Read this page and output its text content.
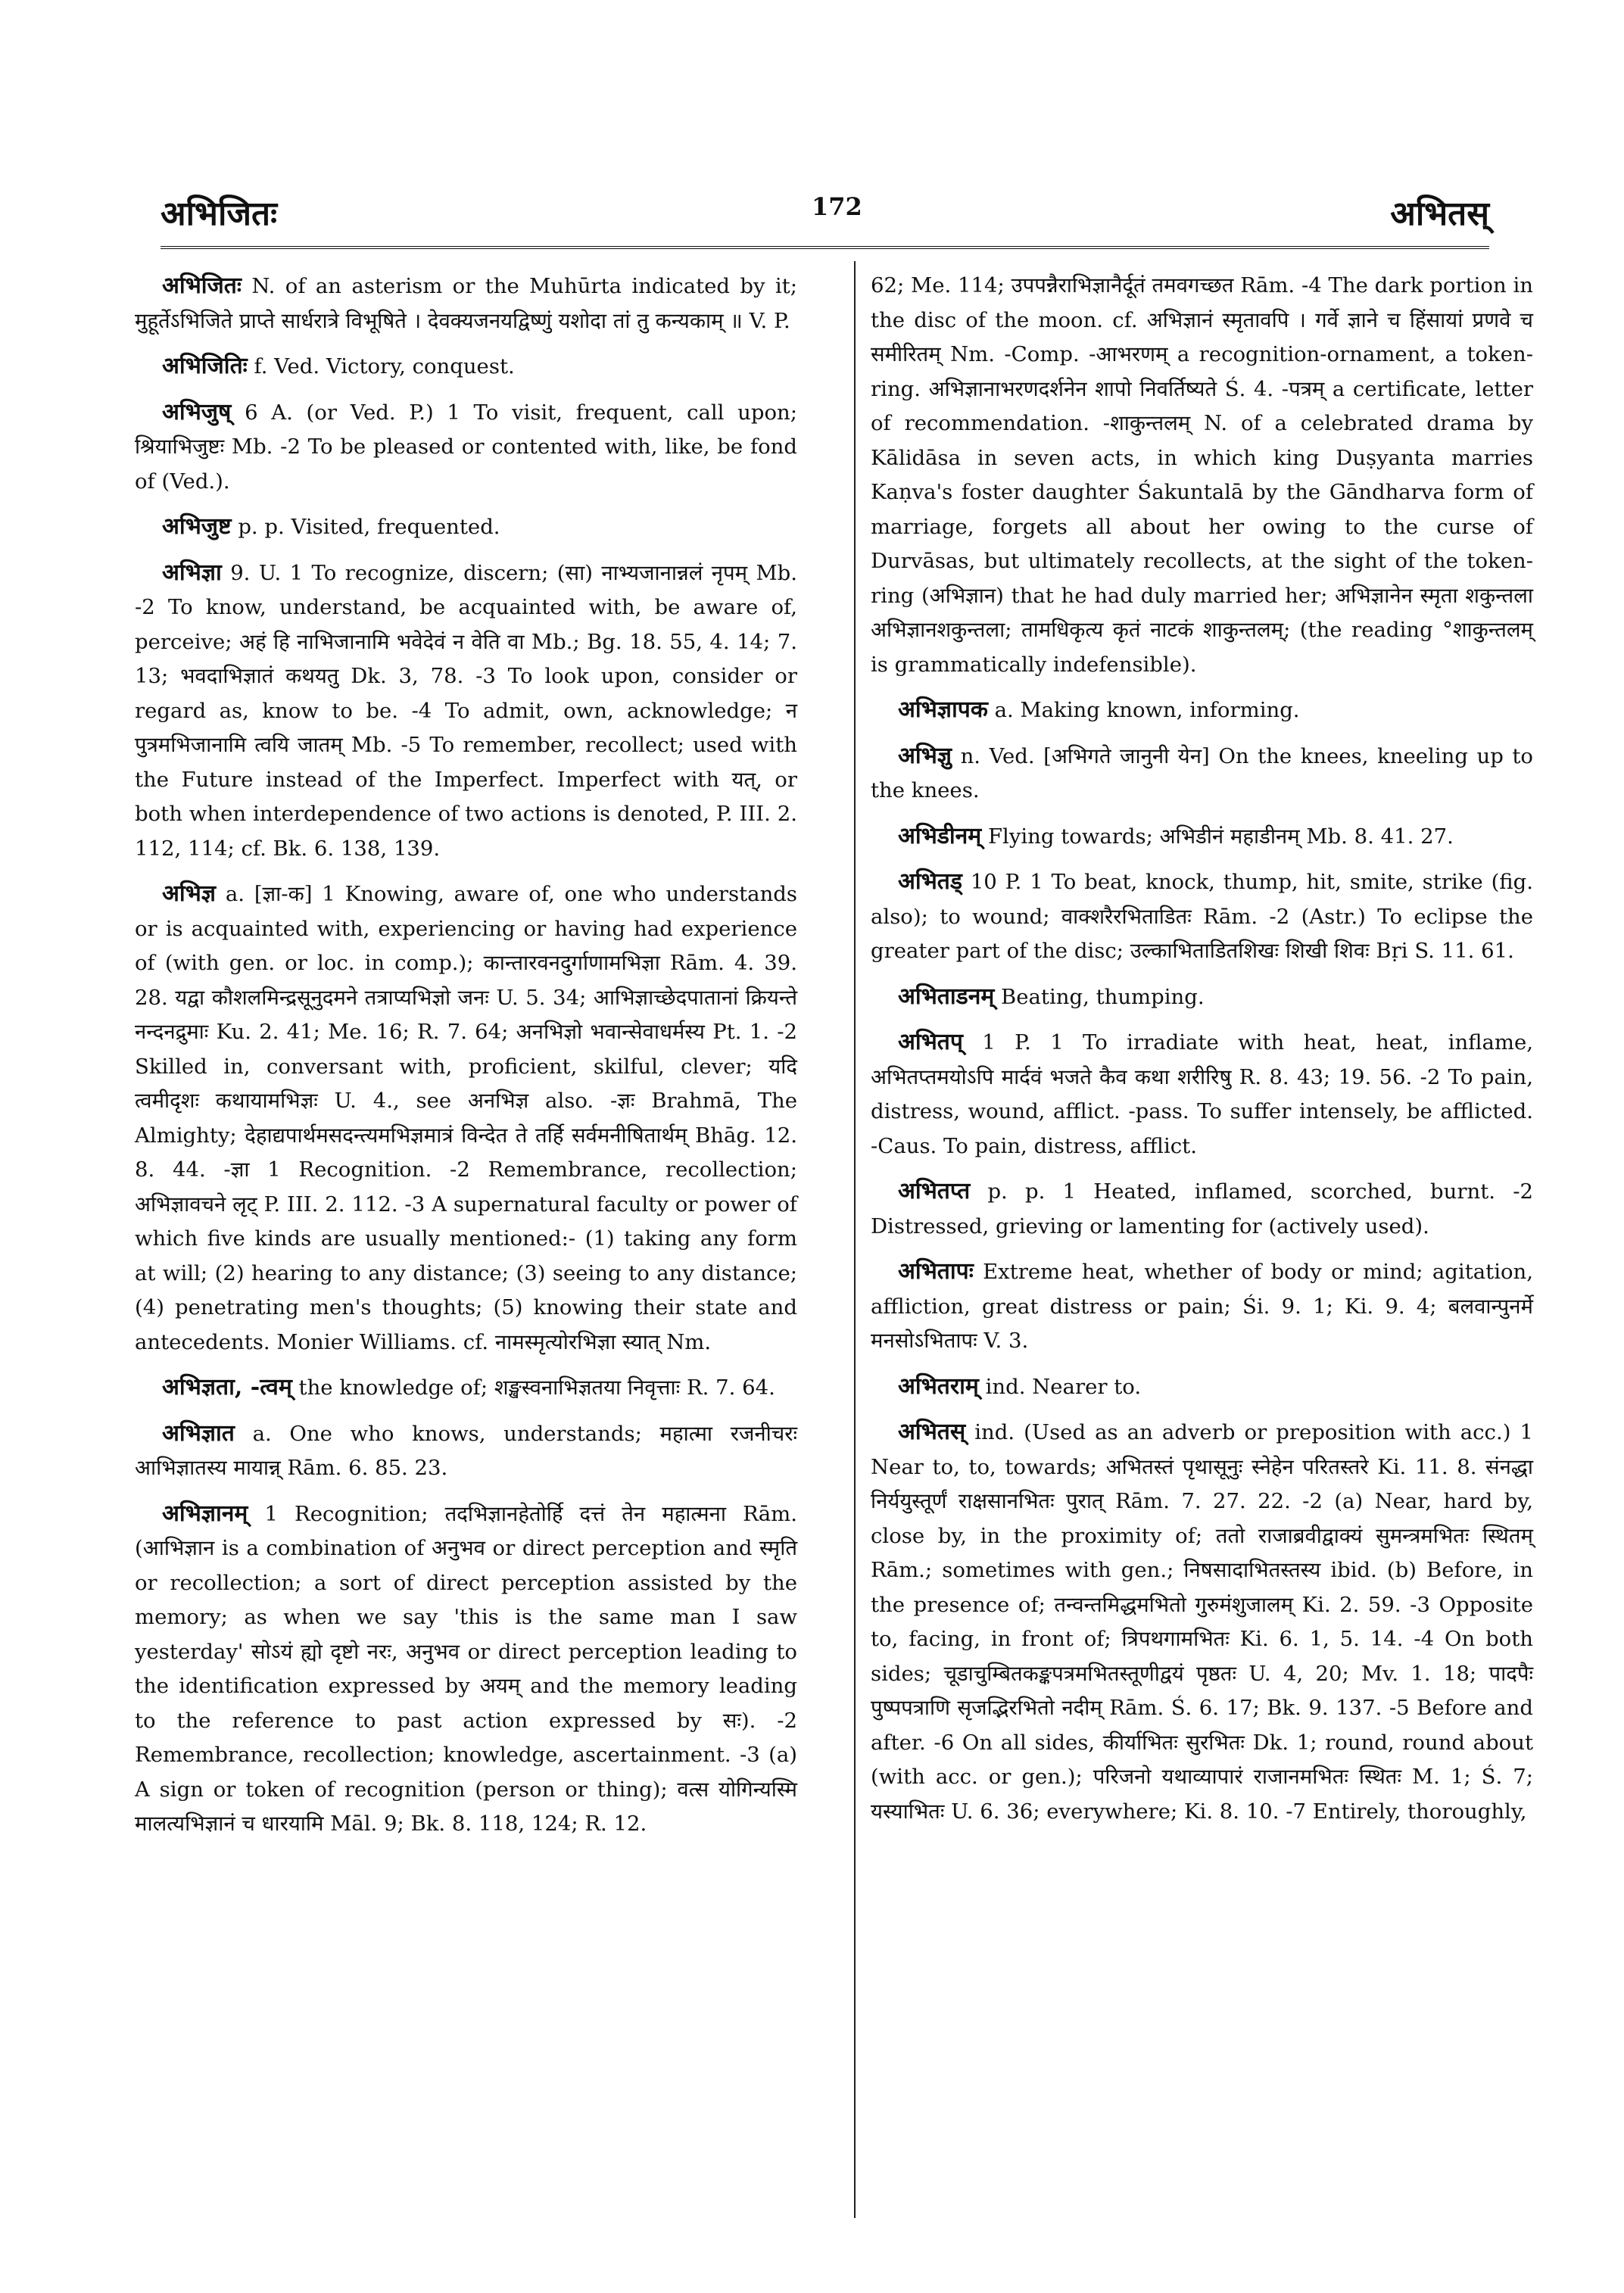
अभिजितः	172	अभितस्

अभिजितः N. of an asterism or the Muhūrta indicated by it; मुहूर्तेऽभिजिते प्राप्ते सार्धरात्रे विभूषिते । देवक्यजनयद्विष्णुं यशोदा तां तु कन्यकाम् ॥ V. P.

अभिजितिः f. Ved. Victory, conquest.

अभिजुष् 6 A. (or Ved. P.) 1 To visit, frequent, call upon; श्रियाभिजुष्टः Mb. -2 To be pleased or contented with, like, be fond of (Ved.).

अभिजुष्ट p. p. Visited, frequented.

अभिज्ञा 9. U. 1 To recognize, discern; (सा) नाभ्यजानान्नलं नृपम् Mb. -2 To know, understand, be acquainted with, be aware of, perceive; अहं हि नाभिजानामि भवेदेवं न वेति वा Mb.; Bg. 18. 55, 4. 14; 7. 13; भवदाभिज्ञातं कथयतु Dk. 3, 78. -3 To look upon, consider or regard as, know to be. -4 To admit, own, acknowledge; न पुत्रमभिजानामि त्वयि जातम् Mb. -5 To remember, recollect; used with the Future instead of the Imperfect. Imperfect with यत्, or both when interdependence of two actions is denoted, P. III. 2. 112, 114; cf. Bk. 6. 138, 139.

अभिज्ञ a. [ज्ञा-क] 1 Knowing, aware of, one who understands or is acquainted with, experiencing or having had experience of (with gen. or loc. in comp.); कान्तारवनदुर्गाणामभिज्ञा Rām. 4. 39. 28. यद्वा कौशलमिन्द्रसूनुदमने तत्राप्यभिज्ञो जनः U. 5. 34; आभिज्ञाच्छेदपातानां क्रियन्ते नन्दनद्रुमाः Ku. 2. 41; Me. 16; R. 7. 64; अनभिज्ञो भवान्सेवाधर्मस्य Pt. 1. -2 Skilled in, conversant with, proficient, skilful, clever; यदि त्वमीदृशः कथायामभिज्ञः U. 4., see अनभिज्ञ also. -ज्ञः Brahmā, The Almighty; देहाद्यपार्थमसदन्त्यमभिज्ञमात्रं विन्देत ते तर्हि सर्वमनीषितार्थम् Bhāg. 12. 8. 44. -ज्ञा 1 Recognition. -2 Remembrance, recollection; अभिज्ञावचने लृट् P. III. 2. 112. -3 A supernatural faculty or power of which five kinds are usually mentioned:- (1) taking any form at will; (2) hearing to any distance; (3) seeing to any distance; (4) penetrating men's thoughts; (5) knowing their state and antecedents. Monier Williams. cf. नामस्मृत्योरभिज्ञा स्यात् Nm.

अभिज्ञता, -त्वम् the knowledge of; शङ्खस्वनाभिज्ञतया निवृत्ताः R. 7. 64.

अभिज्ञात a. One who knows, understands; महात्मा रजनीचरः आभिज्ञातस्य मायान्न् Rām. 6. 85. 23.

अभिज्ञानम् 1 Recognition; तदभिज्ञानहेतोर्हि दत्तं तेन महात्मना Rām. (आभिज्ञान is a combination of अनुभव or direct perception and स्मृति or recollection; a sort of direct perception assisted by the memory; as when we say 'this is the same man I saw yesterday' सोऽयं ह्यो दृष्टो नरः, अनुभव or direct perception leading to the identification expressed by अयम् and the memory leading to the reference to past action expressed by सः). -2 Remembrance, recollection; knowledge, ascertainment. -3 (a) A sign or token of recognition (person or thing); वत्स योगिन्यस्मि मालत्यभिज्ञानं च धारयामि Māl. 9; Bk. 8. 118, 124; R. 12.

62; Me. 114; उपपन्नैराभिज्ञानैर्दूतं तमवगच्छत Rām. -4 The dark portion in the disc of the moon. cf. अभिज्ञानं स्मृतावपि । गर्वे ज्ञाने च हिंसायां प्रणवे च समीरितम् Nm. -Comp. -आभरणम् a recognition-ornament, a token-ring. अभिज्ञानाभरणदर्शनेन शापो निवर्तिष्यते Ś. 4. -पत्रम् a certificate, letter of recommendation. -शाकुन्तलम् N. of a celebrated drama by Kālidāsa in seven acts, in which king Duṣyanta marries Kaṇva's foster daughter Śakuntalā by the Gāndharva form of marriage, forgets all about her owing to the curse of Durvāsas, but ultimately recollects, at the sight of the token-ring (अभिज्ञान) that he had duly married her; अभिज्ञानेन स्मृता शकुन्तला अभिज्ञानशकुन्तला; तामधिकृत्य कृतं नाटकं शाकुन्तलम्; (the reading °शाकुन्तलम् is grammatically indefensible).

अभिज्ञापक a. Making known, informing.

अभिज्ञु n. Ved. [अभिगते जानुनी येन] On the knees, kneeling up to the knees.

अभिडीनम् Flying towards; अभिडीनं महाडीनम् Mb. 8. 41. 27.

अभितड् 10 P. 1 To beat, knock, thump, hit, smite, strike (fig. also); to wound; वाक्शरैरभिताडितः Rām. -2 (Astr.) To eclipse the greater part of the disc; उल्काभिताडितशिखः शिखी शिवः Bṛi S. 11. 61.

अभिताडनम् Beating, thumping.

अभितप् 1 P. 1 To irradiate with heat, heat, inflame, अभितप्तमयोऽपि मार्दवं भजते कैव कथा शरीरिषु R. 8. 43; 19. 56. -2 To pain, distress, wound, afflict. -pass. To suffer intensely, be afflicted. -Caus. To pain, distress, afflict.

अभितप्त p. p. 1 Heated, inflamed, scorched, burnt. -2 Distressed, grieving or lamenting for (actively used).

अभितापः Extreme heat, whether of body or mind; agitation, affliction, great distress or pain; Śi. 9. 1; Ki. 9. 4; बलवान्पुनर्मे मनसोऽभितापः V. 3.

अभितराम् ind. Nearer to.

अभितस् ind. (Used as an adverb or preposition with acc.) 1 Near to, to, towards; अभितस्तं पृथासूनुः स्नेहेन परितस्तरे Ki. 11. 8. संनद्धा निर्ययुस्तूर्णं राक्षसानभितः पुरात् Rām. 7. 27. 22. -2 (a) Near, hard by, close by, in the proximity of; ततो राजाब्रवीद्वाक्यं सुमन्त्रमभितः स्थितम् Rām.; sometimes with gen.; निषसादाभितस्तस्य ibid. (b) Before, in the presence of; तन्वन्तमिद्धमभितो गुरुमंशुजालम् Ki. 2. 59. -3 Opposite to, facing, in front of; त्रिपथगामभितः Ki. 6. 1, 5. 14. -4 On both sides; चूडाचुम्बितकङ्कपत्रमभितस्तूणीद्वयं पृष्ठतः U. 4, 20; Mv. 1. 18; पादपैः पुष्पपत्राणि सृजद्भिरभितो नदीम् Rām. Ś. 6. 17; Bk. 9. 137. -5 Before and after. -6 On all sides, कीर्याभितः सुरभितः Dk. 1; round, round about (with acc. or gen.); परिजनो यथाव्यापारं राजानमभितः स्थितः M. 1; Ś. 7; यस्याभितः U. 6. 36; everywhere; Ki. 8. 10. -7 Entirely, thoroughly,
